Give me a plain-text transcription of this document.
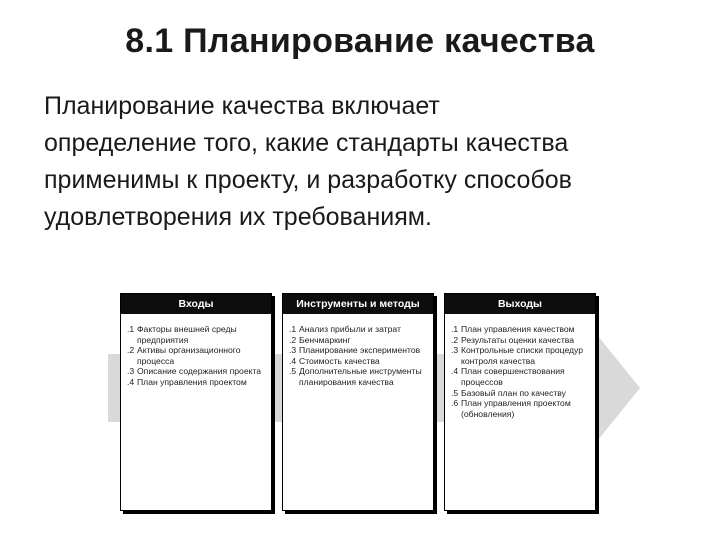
8.1 Планирование качества
Планирование качества включает
определение того, какие стандарты качества
применимы к проекту, и разработку способов
удовлетворения их требованиям.
Входы
.1 Факторы внешней среды предприятия
.2 Активы организационного процесса
.3 Описание содержания проекта
.4 План управления проектом
Инструменты и методы
.1 Анализ прибыли и затрат
.2 Бенчмаркинг
.3 Планирование экспериментов
.4 Стоимость качества
.5 Дополнительные инструменты планирования качества
Выходы
.1 План управления качеством
.2 Результаты оценки качества
.3 Контрольные списки процедур контроля качества
.4 План совершенствования процессов
.5 Базовый план по качеству
.6 План управления проектом (обновления)
